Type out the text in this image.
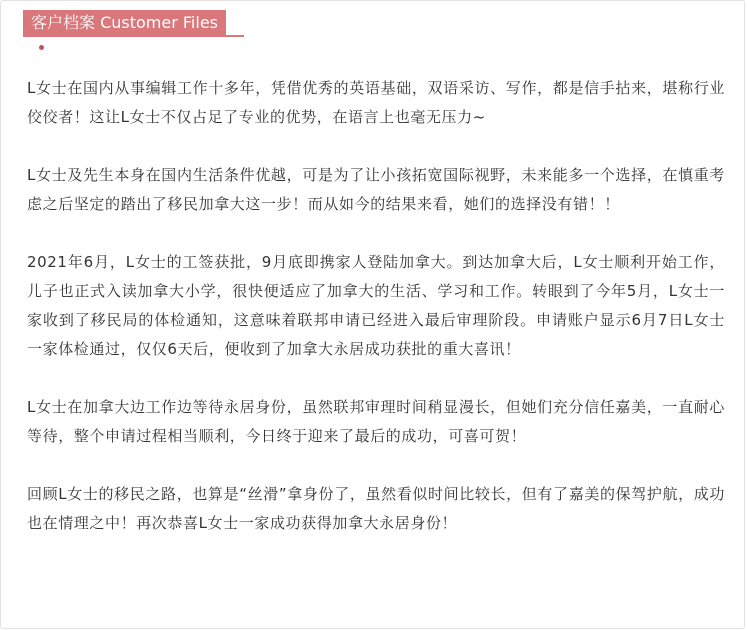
客户档案 Customer Files

L女士在国内从事编辑工作十多年，凭借优秀的英语基础，双语采访、写作，都是信手拈来，堪称行业佼佼者！这让L女士不仅占足了专业的优势，在语言上也毫无压力~

L女士及先生本身在国内生活条件优越，可是为了让小孩拓宽国际视野，未来能多一个选择，在慎重考虑之后坚定的踏出了移民加拿大这一步！而从如今的结果来看，她们的选择没有错！！

2021年6月，L女士的工签获批，9月底即携家人登陆加拿大。到达加拿大后，L女士顺利开始工作，儿子也正式入读加拿大小学，很快便适应了加拿大的生活、学习和工作。转眼到了今年5月，L女士一家收到了移民局的体检通知，这意味着联邦申请已经进入最后审理阶段。申请账户显示6月7日L女士一家体检通过，仅仅6天后，便收到了加拿大永居成功获批的重大喜讯！

L女士在加拿大边工作边等待永居身份，虽然联邦审理时间稍显漫长，但她们充分信任嘉美，一直耐心等待，整个申请过程相当顺利，今日终于迎来了最后的成功，可喜可贺！

回顾L女士的移民之路，也算是“丝滑”拿身份了，虽然看似时间比较长，但有了嘉美的保驾护航，成功也在情理之中！再次恭喜L女士一家成功获得加拿大永居身份！
